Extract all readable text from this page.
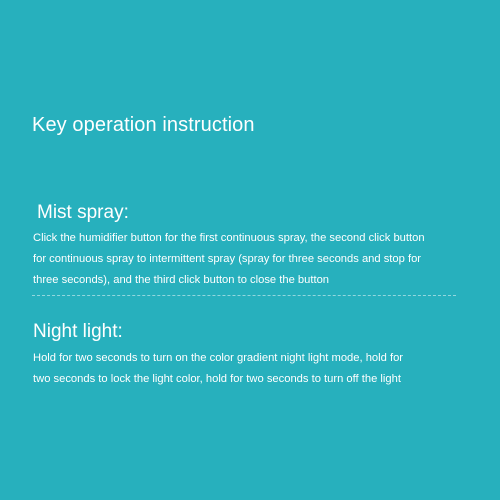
Key operation instruction
Mist spray:

Click the humidifier button for the first continuous spray, the second click button
for continuous spray to intermittent spray (spray for three seconds and stop for
three seconds), and the third click button to close the button

Night light:

Hold for two seconds to turn on the color gradient night light mode, hold for
two seconds to lock the light color, hold for two seconds to turn off the light
